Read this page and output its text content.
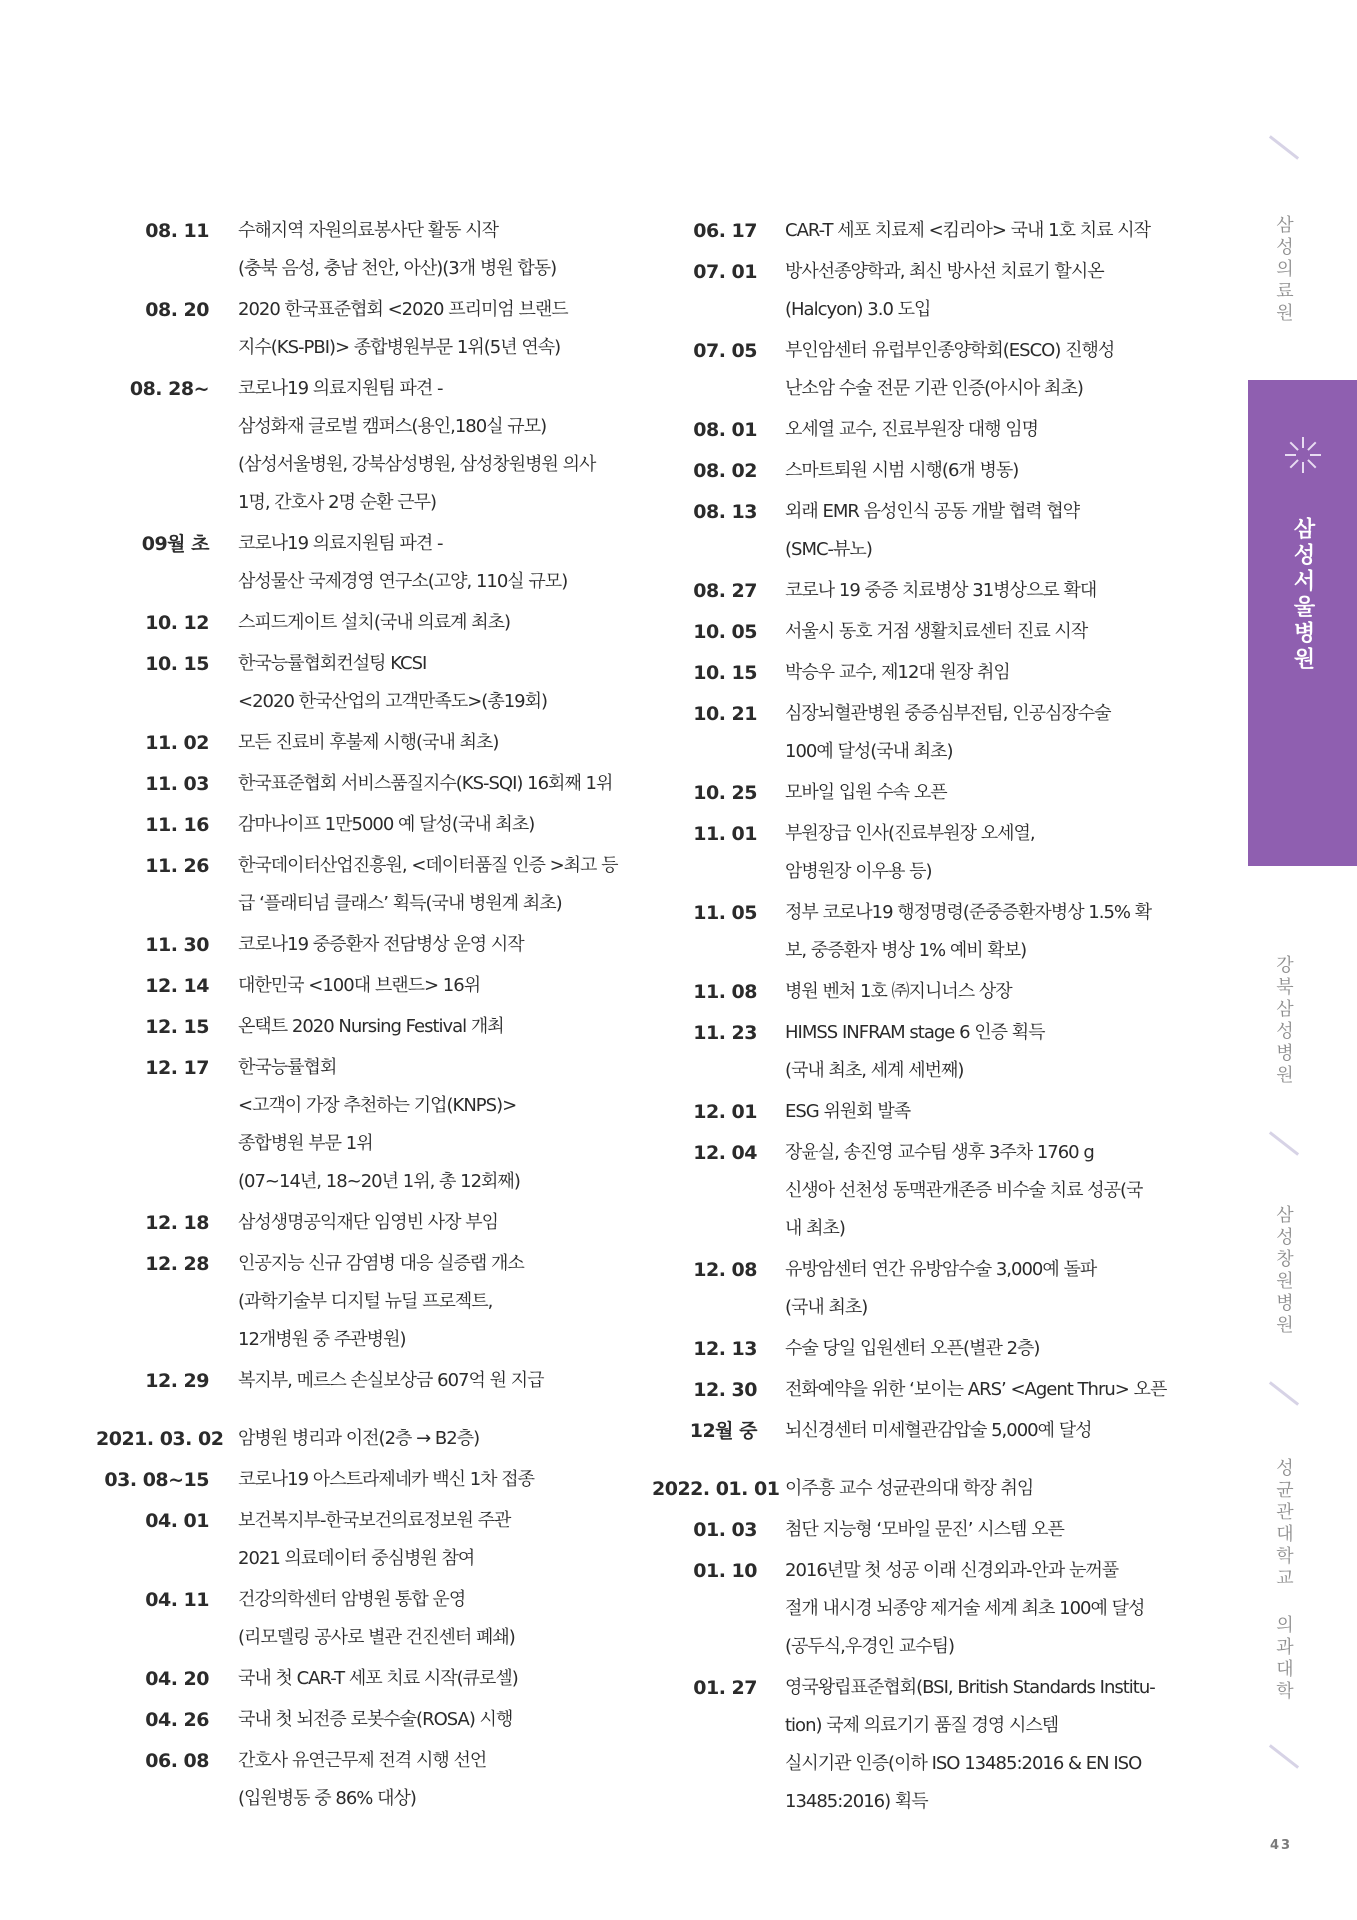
08. 11 수해지역 자원의료봉사단 활동 시작
(충북 음성, 충남 천안, 아산)(3개 병원 합동)
08. 20 2020 한국표준협회 <2020 프리미엄 브랜드
지수(KS-PBI)> 종합병원부문 1위(5년 연속)
08. 28~ 코로나19 의료지원팀 파견 -
삼성화재 글로벌 캠퍼스(용인,180실 규모)
(삼성서울병원, 강북삼성병원, 삼성창원병원 의사
1명, 간호사 2명 순환 근무)
09월 초 코로나19 의료지원팀 파견 -
삼성물산 국제경영 연구소(고양, 110실 규모)
10. 12 스피드게이트 설치(국내 의료계 최초)
10. 15 한국능률협회컨설팅 KCSI
<2020 한국산업의 고객만족도>(총19회)
11. 02 모든 진료비 후불제 시행(국내 최초)
11. 03 한국표준협회 서비스품질지수(KS-SQI) 16회째 1위
11. 16 감마나이프 1만5000 예 달성(국내 최초)
11. 26 한국데이터산업진흥원, <데이터품질 인증 >최고 등
급 ‘플래티넘 클래스’ 획득(국내 병원계 최초)
11. 30 코로나19 중증환자 전담병상 운영 시작
12. 14 대한민국 <100대 브랜드> 16위
12. 15 온택트 2020 Nursing Festival 개최
12. 17 한국능률협회
<고객이 가장 추천하는 기업(KNPS)>
종합병원 부문 1위
(07~14년, 18~20년 1위, 총 12회째)
12. 18 삼성생명공익재단 임영빈 사장 부임
12. 28 인공지능 신규 감염병 대응 실증랩 개소
(과학기술부 디지털 뉴딜 프로젝트,
12개병원 중 주관병원)
12. 29 복지부, 메르스 손실보상금 607억 원 지급
2021. 03. 02 암병원 병리과 이전(2층 → B2층)
03. 08~15 코로나19 아스트라제네카 백신 1차 접종
04. 01 보건복지부-한국보건의료정보원 주관
2021 의료데이터 중심병원 참여
04. 11 건강의학센터 암병원 통합 운영
(리모델링 공사로 별관 건진센터 폐쇄)
04. 20 국내 첫 CAR-T 세포 치료 시작(큐로셀)
04. 26 국내 첫 뇌전증 로봇수술(ROSA) 시행
06. 08 간호사 유연근무제 전격 시행 선언
(입원병동 중 86% 대상)
06. 17 CAR-T 세포 치료제 <킴리아> 국내 1호 치료 시작
07. 01 방사선종양학과, 최신 방사선 치료기 할시온
(Halcyon) 3.0 도입
07. 05 부인암센터 유럽부인종양학회(ESCO) 진행성
난소암 수술 전문 기관 인증(아시아 최초)
08. 01 오세열 교수, 진료부원장 대행 임명
08. 02 스마트퇴원 시범 시행(6개 병동)
08. 13 외래 EMR 음성인식 공동 개발 협력 협약
(SMC-뷰노)
08. 27 코로나 19 중증 치료병상 31병상으로 확대
10. 05 서울시 동호 거점 생활치료센터 진료 시작
10. 15 박승우 교수, 제12대 원장 취임
10. 21 심장뇌혈관병원 중증심부전팀, 인공심장수술
100예 달성(국내 최초)
10. 25 모바일 입원 수속 오픈
11. 01 부원장급 인사(진료부원장 오세열,
암병원장 이우용 등)
11. 05 정부 코로나19 행정명령(준중증환자병상 1.5% 확
보, 중증환자 병상 1% 예비 확보)
11. 08 병원 벤처 1호 ㈜지니너스 상장
11. 23 HIMSS INFRAM stage 6 인증 획득
(국내 최초, 세계 세번째)
12. 01 ESG 위원회 발족
12. 04 장윤실, 송진영 교수팀 생후 3주차 1760 g
신생아 선천성 동맥관개존증 비수술 치료 성공(국
내 최초)
12. 08 유방암센터 연간 유방암수술 3,000예 돌파
(국내 최초)
12. 13 수술 당일 입원센터 오픈(별관 2층)
12. 30 전화예약을 위한 ‘보이는 ARS’ <Agent Thru> 오픈
12월 중 뇌신경센터 미세혈관감압술 5,000예 달성
2022. 01. 01 이주흥 교수 성균관의대 학장 취임
01. 03 첨단 지능형 ‘모바일 문진’ 시스템 오픈
01. 10 2016년말 첫 성공 이래 신경외과-안과 눈꺼풀
절개 내시경 뇌종양 제거술 세계 최초 100예 달성
(공두식,우경인 교수팀)
01. 27 영국왕립표준협회(BSI, British Standards Institu-
tion) 국제 의료기기 품질 경영 시스템
실시기관 인증(이하 ISO 13485:2016 & EN ISO
13485:2016) 획득
삼성의료원
삼성서울병원
강북삼성병원
삼성창원병원
성균관대학교 의과대학
43
